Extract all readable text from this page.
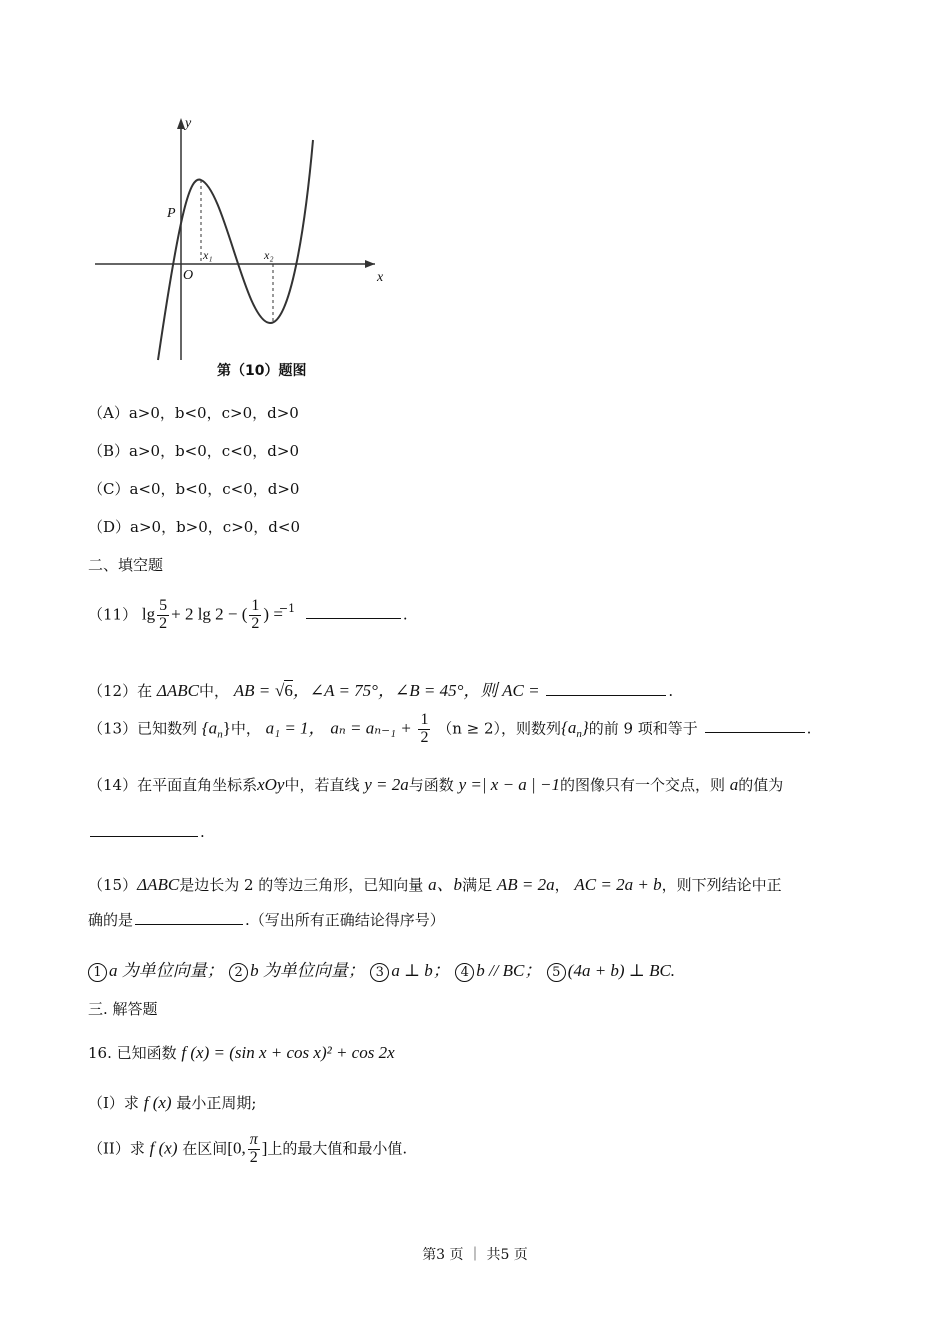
y
x
O
P
x₁	x₂
第（10）题图
（A）a>0，b<0，c>0，d>0
（B）a>0，b<0，c<0，d>0
（C）a<0，b<0，c<0，d>0
（D）a>0，b>0，c>0，d<0
二、填空题
（11） $\lg \frac{5}{2} + 2$ lg 2 − ( $\frac{1}{2}$ ) =$^{-1}$	.
（12）在 ΔABC中， AB = √6，∠A = 75°，∠B = 45°，则 AC =	.
（13）已知数列 $\{a_n\}$中， a₁ = 1， $a_n = a_{n-1} + \frac{1}{2} (n \ge 2)$，则数列$\{a_n\}$的前 9 项和等于	.
（14）在平面直角坐标系xOy中，若直线 y = 2a与函数 y =| x − a | −1的图像只有一个交点，则 a的值为
.
（15）ΔABC是边长为 2 的等边三角形，已知向量 a、b满足 AB = 2a， AC = 2a + b，则下列结论中正
确的是	.（写出所有正确结论得序号）
1 a 为单位向量； 2 b 为单位向量； 3 a ⊥ b； 4 b // BC； 5 (4a + b) ⊥ BC.
三. 解答题
16. 已知函数 f (x) = (sin x + cos x)² + cos 2x
（I）求 f (x) 最小正周期;
（II）求 f (x) 在区间[0, $\frac{\pi}{2}$ ]上的最大值和最小值.
第3 页 ｜ 共5 页
